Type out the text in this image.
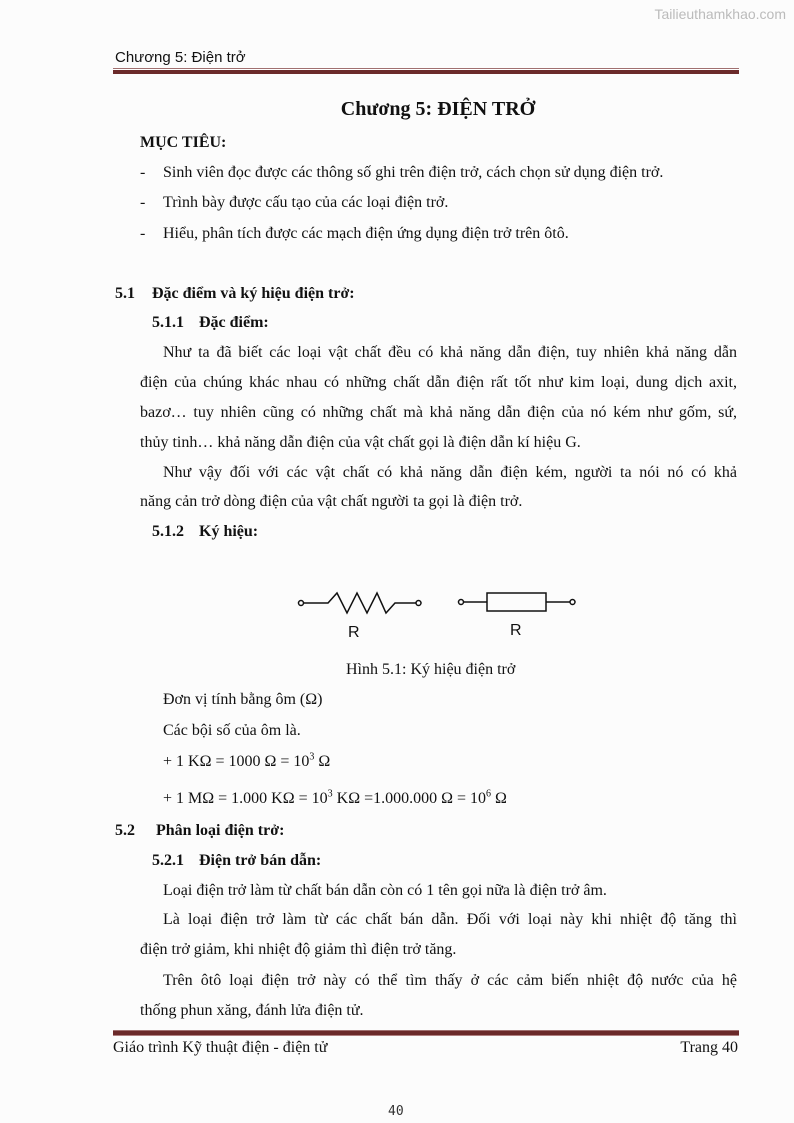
Tailieuthamkhao.com
Chương 5: Điện trở
Chương 5: ĐIỆN TRỞ
MỤC TIÊU:
- Sinh viên đọc được các thông số ghi trên điện trở, cách chọn sử dụng điện trở.
- Trình bày được cấu tạo của các loại điện trở.
- Hiểu, phân tích được các mạch điện ứng dụng điện trở trên ôtô.
5.1 Đặc điểm và ký hiệu điện trở:
5.1.1 Đặc điểm:
Như ta đã biết các loại vật chất đều có khả năng dẫn điện, tuy nhiên khả năng dẫn
điện của chúng khác nhau có những chất dẫn điện rất tốt như kim loại, dung dịch axit,
bazơ… tuy nhiên cũng có những chất mà khả năng dẫn điện của nó kém như gốm, sứ,
thủy tinh… khả năng dẫn điện của vật chất gọi là điện dẫn kí hiệu G.
Như vậy đối với các vật chất có khả năng dẫn điện kém, người ta nói nó có khả
năng cản trở dòng điện của vật chất người ta gọi là điện trở.
5.1.2 Ký hiệu:
R	R
Hình 5.1: Ký hiệu điện trở
Đơn vị tính bằng ôm (Ω)
Các bội số của ôm là.
+ 1 KΩ = 1000 $\Omega = 10^3$ Ω
+ 1 MΩ = 1.000 $K\Omega = 10^3$ KΩ =1.000.000 $\Omega = 10^6$ Ω
5.2 Phân loại điện trở:
5.2.1 Điện trở bán dẫn:
Loại điện trở làm từ chất bán dẫn còn có 1 tên gọi nữa là điện trở âm.
Là loại điện trở làm từ các chất bán dẫn. Đối với loại này khi nhiệt độ tăng thì
điện trở giảm, khi nhiệt độ giảm thì điện trở tăng.
Trên ôtô loại điện trở này có thể tìm thấy ở các cảm biến nhiệt độ nước của hệ
thống phun xăng, đánh lửa điện tử.
Giáo trình Kỹ thuật điện - điện tử	Trang 40
40
